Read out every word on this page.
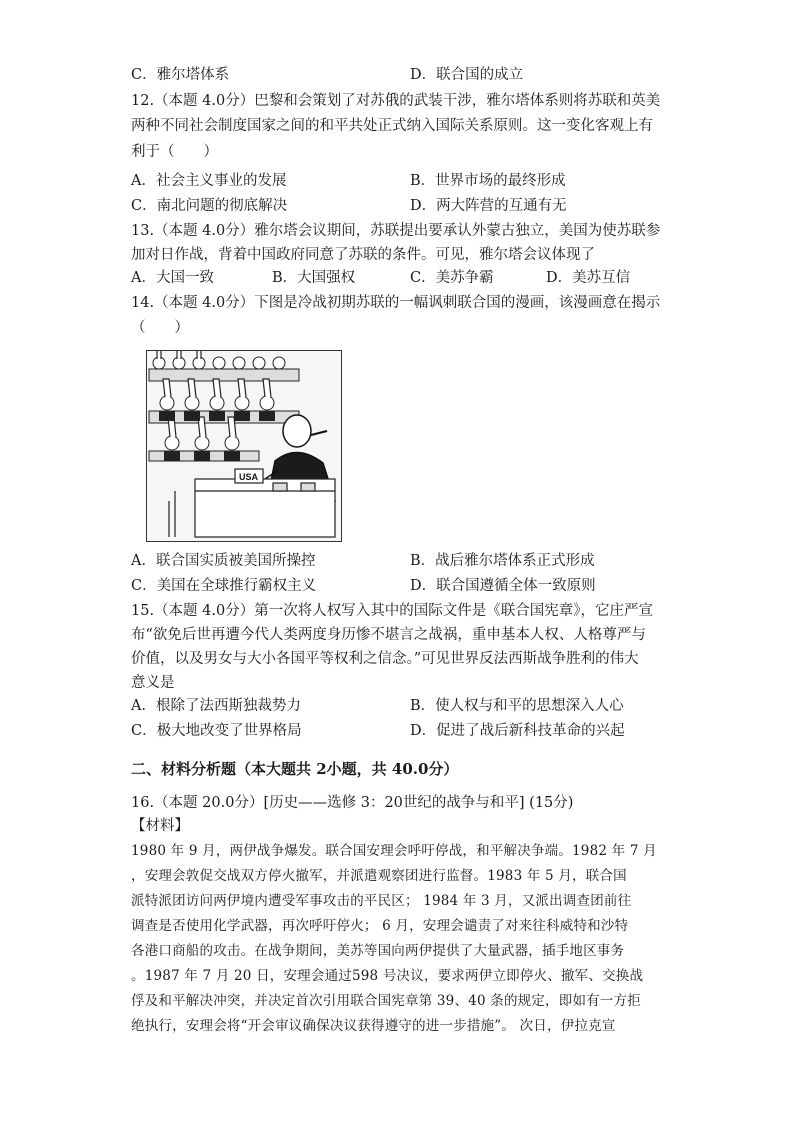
C．雅尔塔体系	D．联合国的成立
12.（本题 4.0分）巴黎和会策划了对苏俄的武装干涉，雅尔塔体系则将苏联和英美
两种不同社会制度国家之间的和平共处正式纳入国际关系原则。这一变化客观上有
利于（　　）
A．社会主义事业的发展	B．世界市场的最终形成
C．南北问题的彻底解决	D．两大阵营的互通有无
13.（本题 4.0分）雅尔塔会议期间，苏联提出要承认外蒙古独立，美国为使苏联参
加对日作战，背着中国政府同意了苏联的条件。可见，雅尔塔会议体现了
A．大国一致	B．大国强权	C．美苏争霸	D．美苏互信
14.（本题 4.0分）下图是冷战初期苏联的一幅讽刺联合国的漫画，该漫画意在揭示
（　　）
USA
A．联合国实质被美国所操控	B．战后雅尔塔体系正式形成
C．美国在全球推行霸权主义	D．联合国遵循全体一致原则
15.（本题 4.0分）第一次将人权写入其中的国际文件是《联合国宪章》，它庄严宣
布“欲免后世再遭今代人类两度身历惨不堪言之战祸，重申基本人权、人格尊严与
价值，以及男女与大小各国平等权利之信念。”可见世界反法西斯战争胜利的伟大
意义是
A．根除了法西斯独裁势力	B．使人权与和平的思想深入人心
C．极大地改变了世界格局	D．促进了战后新科技革命的兴起
二、材料分析题（本大题共 2小题，共 40.0分）
16.（本题 20.0分）[历史——选修 3：20世纪的战争与和平] (15分)
【材料】
1980 年 9 月，两伊战争爆发。联合国安理会呼吁停战，和平解决争端。1982 年 7 月
，安理会敦促交战双方停火撤军，并派遣观察团进行监督。1983 年 5 月，联合国
派特派团访问两伊境内遭受军事攻击的平民区； 1984 年 3 月，又派出调查团前往
调查是否使用化学武器，再次呼吁停火； 6 月，安理会谴责了对来往科威特和沙特
各港口商船的攻击。在战争期间，美苏等国向两伊提供了大量武器，插手地区事务
。1987 年 7 月 20 日，安理会通过598 号决议，要求两伊立即停火、撤军、交换战
俘及和平解决冲突，并决定首次引用联合国宪章第 39、40 条的规定，即如有一方拒
绝执行，安理会将“开会审议确保决议获得遵守的进一步措施”。 次日，伊拉克宣
